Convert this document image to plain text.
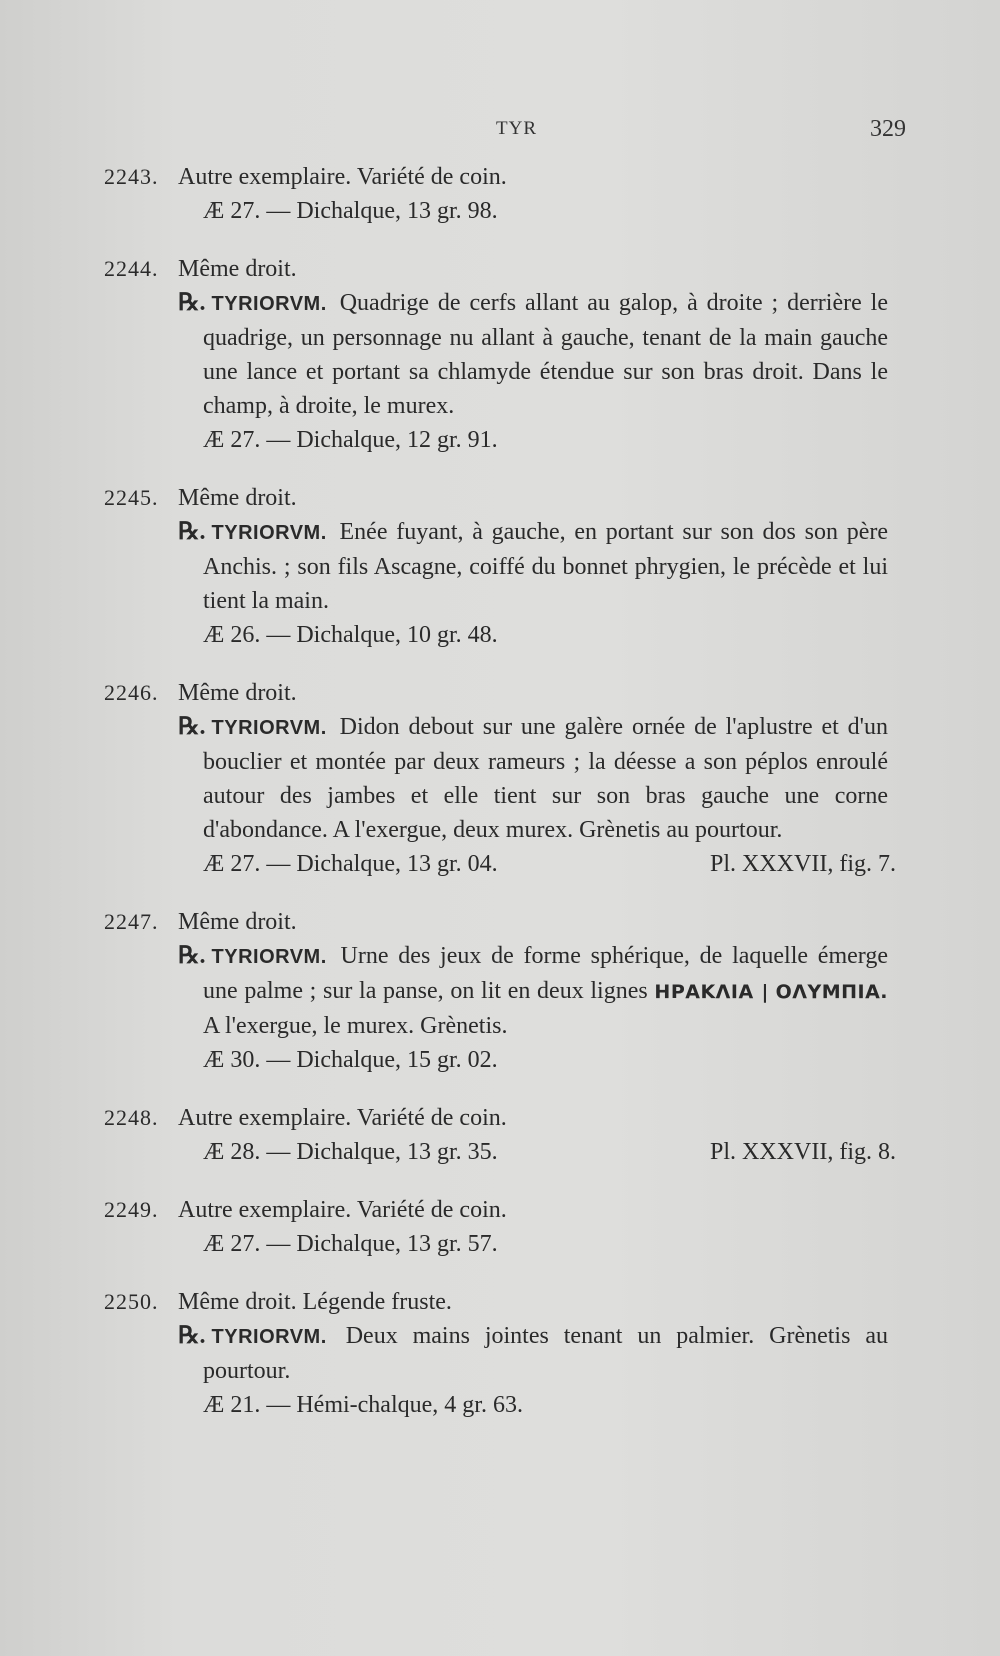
TYR	329
2243. Autre exemplaire. Variété de coin.
Æ 27. — Dichalque, 13 gr. 98.
2244. Même droit.
℞. TYRIORVM. Quadrige de cerfs allant au galop, à droite ; derrière le quadrige, un personnage nu allant à gauche, tenant de la main gauche une lance et portant sa chlamyde étendue sur son bras droit. Dans le champ, à droite, le murex.
Æ 27. — Dichalque, 12 gr. 91.
2245. Même droit.
℞. TYRIORVM. Enée fuyant, à gauche, en portant sur son dos son père Anchis. ; son fils Ascagne, coiffé du bonnet phrygien, le précède et lui tient la main.
Æ 26. — Dichalque, 10 gr. 48.
2246. Même droit.
℞. TYRIORVM. Didon debout sur une galère ornée de l'aplustre et d'un bouclier et montée par deux rameurs ; la déesse a son péplos enroulé autour des jambes et elle tient sur son bras gauche une corne d'abondance. A l'exergue, deux murex. Grènetis au pourtour.
Æ 27. — Dichalque, 13 gr. 04.	Pl. XXXVII, fig. 7.
2247. Même droit.
℞. TYRIORVM. Urne des jeux de forme sphérique, de laquelle émerge une palme ; sur la panse, on lit en deux lignes ΗΡΑΚΛΙΑ | ΟΛΥΜΠΙΑ. A l'exergue, le murex. Grènetis.
Æ 30. — Dichalque, 15 gr. 02.
2248. Autre exemplaire. Variété de coin.
Æ 28. — Dichalque, 13 gr. 35.	Pl. XXXVII, fig. 8.
2249. Autre exemplaire. Variété de coin.
Æ 27. — Dichalque, 13 gr. 57.
2250. Même droit. Légende fruste.
℞. TYRIORVM. Deux mains jointes tenant un palmier. Grènetis au pourtour.
Æ 21. — Hémi-chalque, 4 gr. 63.
